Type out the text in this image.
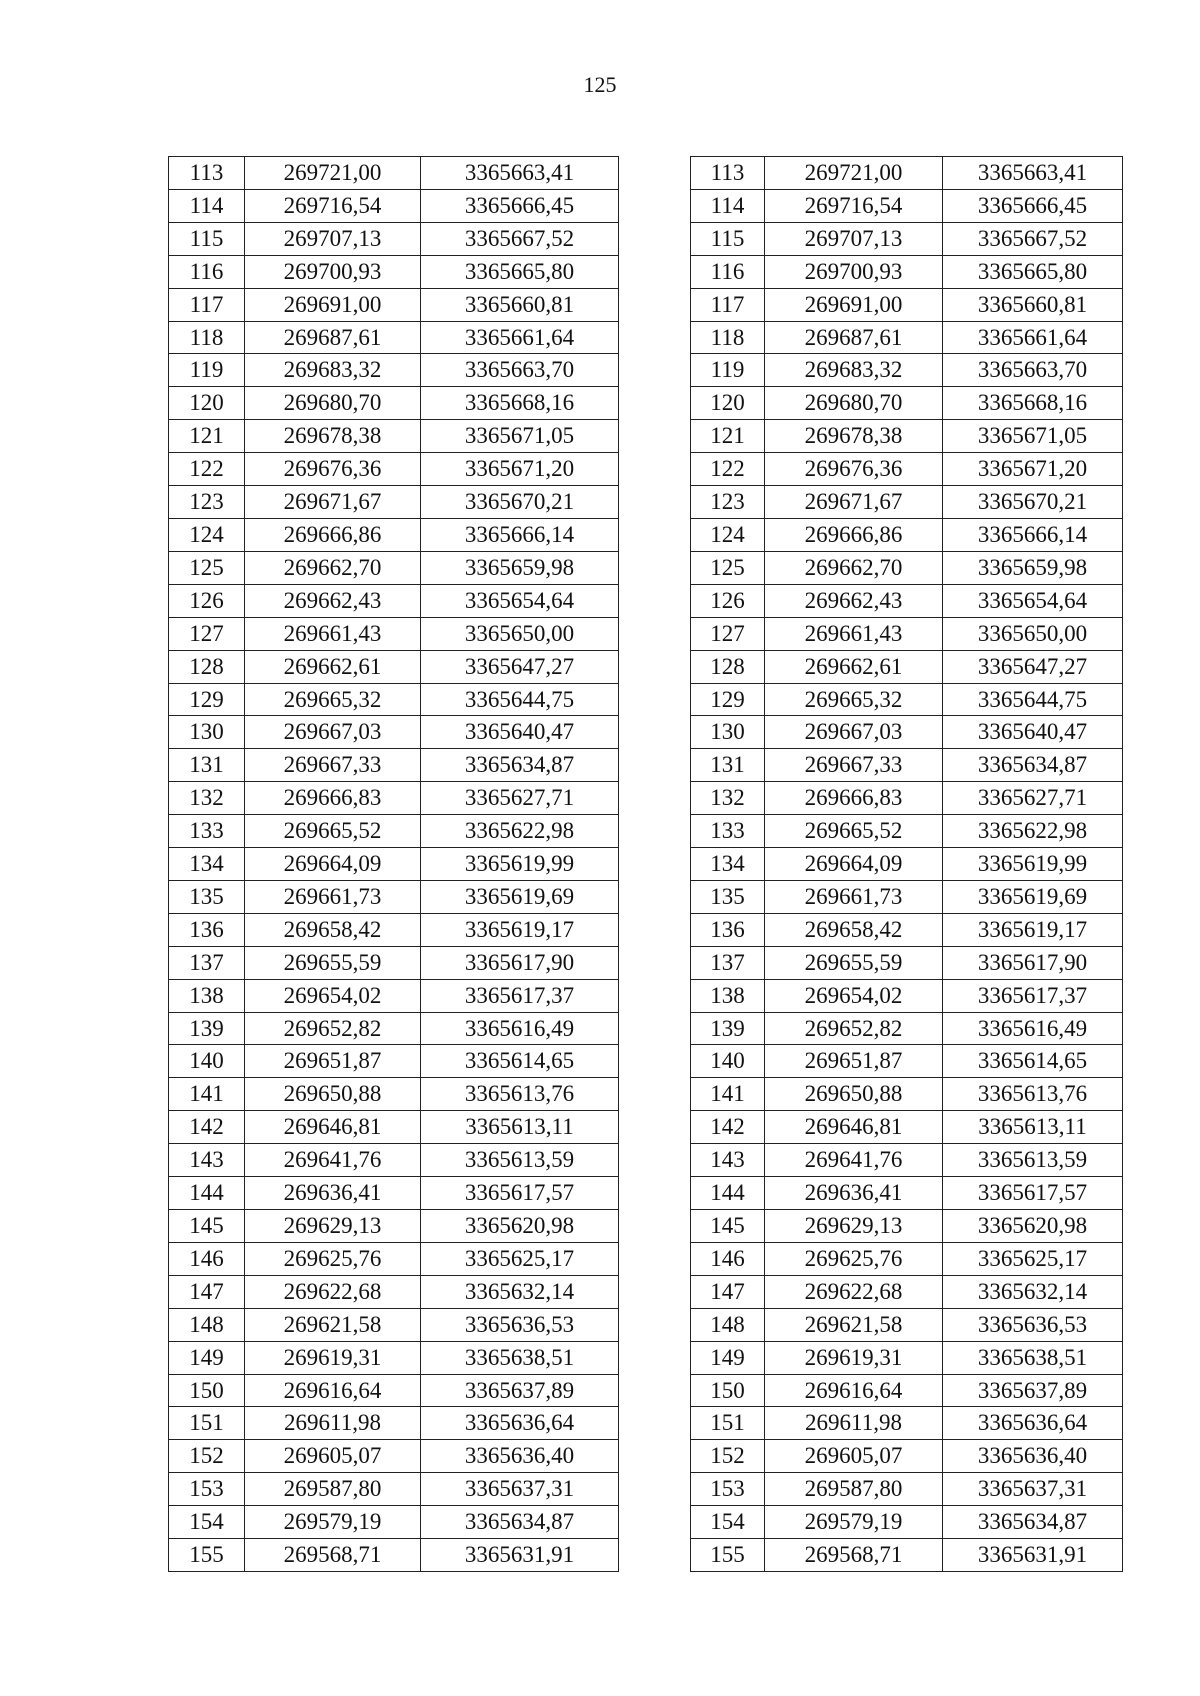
125
113	269721,00	3365663,41
114	269716,54	3365666,45
115	269707,13	3365667,52
116	269700,93	3365665,80
117	269691,00	3365660,81
118	269687,61	3365661,64
119	269683,32	3365663,70
120	269680,70	3365668,16
121	269678,38	3365671,05
122	269676,36	3365671,20
123	269671,67	3365670,21
124	269666,86	3365666,14
125	269662,70	3365659,98
126	269662,43	3365654,64
127	269661,43	3365650,00
128	269662,61	3365647,27
129	269665,32	3365644,75
130	269667,03	3365640,47
131	269667,33	3365634,87
132	269666,83	3365627,71
133	269665,52	3365622,98
134	269664,09	3365619,99
135	269661,73	3365619,69
136	269658,42	3365619,17
137	269655,59	3365617,90
138	269654,02	3365617,37
139	269652,82	3365616,49
140	269651,87	3365614,65
141	269650,88	3365613,76
142	269646,81	3365613,11
143	269641,76	3365613,59
144	269636,41	3365617,57
145	269629,13	3365620,98
146	269625,76	3365625,17
147	269622,68	3365632,14
148	269621,58	3365636,53
149	269619,31	3365638,51
150	269616,64	3365637,89
151	269611,98	3365636,64
152	269605,07	3365636,40
153	269587,80	3365637,31
154	269579,19	3365634,87
155	269568,71	3365631,91
113	269721,00	3365663,41
114	269716,54	3365666,45
115	269707,13	3365667,52
116	269700,93	3365665,80
117	269691,00	3365660,81
118	269687,61	3365661,64
119	269683,32	3365663,70
120	269680,70	3365668,16
121	269678,38	3365671,05
122	269676,36	3365671,20
123	269671,67	3365670,21
124	269666,86	3365666,14
125	269662,70	3365659,98
126	269662,43	3365654,64
127	269661,43	3365650,00
128	269662,61	3365647,27
129	269665,32	3365644,75
130	269667,03	3365640,47
131	269667,33	3365634,87
132	269666,83	3365627,71
133	269665,52	3365622,98
134	269664,09	3365619,99
135	269661,73	3365619,69
136	269658,42	3365619,17
137	269655,59	3365617,90
138	269654,02	3365617,37
139	269652,82	3365616,49
140	269651,87	3365614,65
141	269650,88	3365613,76
142	269646,81	3365613,11
143	269641,76	3365613,59
144	269636,41	3365617,57
145	269629,13	3365620,98
146	269625,76	3365625,17
147	269622,68	3365632,14
148	269621,58	3365636,53
149	269619,31	3365638,51
150	269616,64	3365637,89
151	269611,98	3365636,64
152	269605,07	3365636,40
153	269587,80	3365637,31
154	269579,19	3365634,87
155	269568,71	3365631,91
